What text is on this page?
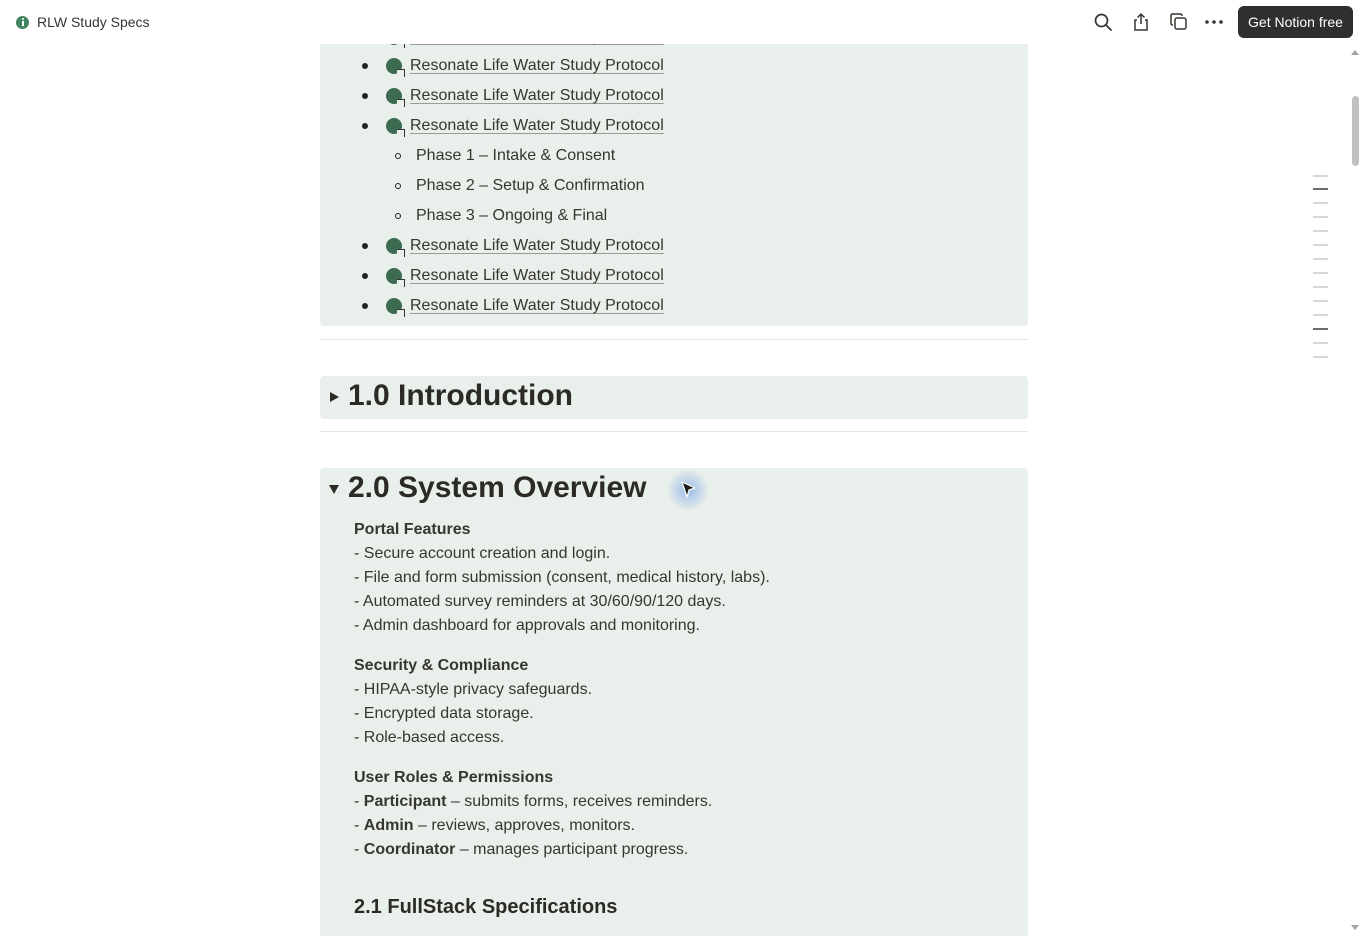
RLW Study Specs	Get Notion free
Resonate Life Water Study Protocol
Resonate Life Water Study Protocol
Resonate Life Water Study Protocol
Phase 1 – Intake & Consent
Phase 2 – Setup & Confirmation
Phase 3 – Ongoing & Final
Resonate Life Water Study Protocol
Resonate Life Water Study Protocol
Resonate Life Water Study Protocol
1.0 Introduction
2.0 System Overview
Portal Features
- Secure account creation and login.
- File and form submission (consent, medical history, labs).
- Automated survey reminders at 30/60/90/120 days.
- Admin dashboard for approvals and monitoring.
Security & Compliance
- HIPAA-style privacy safeguards.
- Encrypted data storage.
- Role-based access.
User Roles & Permissions
- Participant – submits forms, receives reminders.
- Admin – reviews, approves, monitors.
- Coordinator – manages participant progress.
2.1 FullStack Specifications
